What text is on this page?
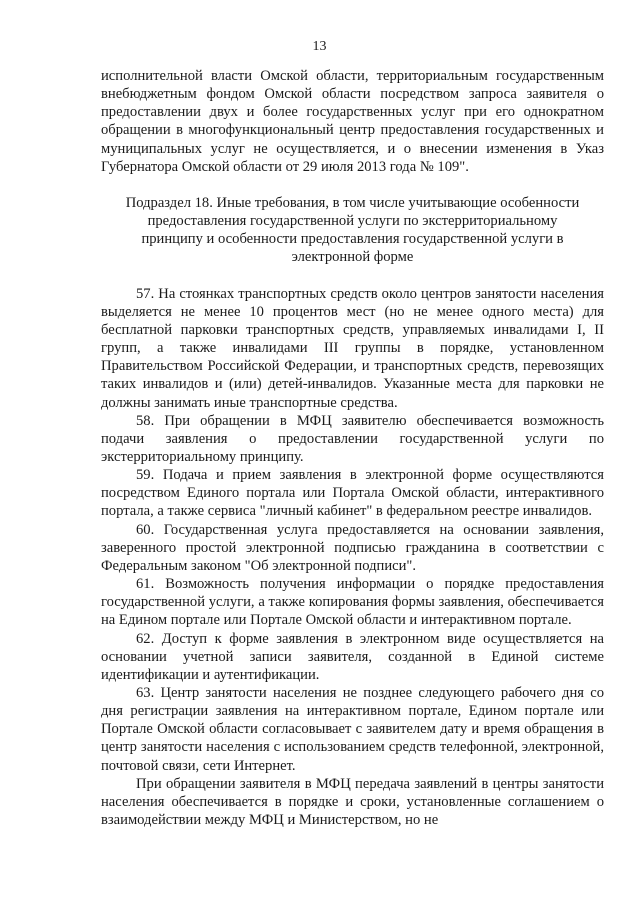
13

исполнительной власти Омской области, территориальным государственным внебюджетным фондом Омской области посредством запроса заявителя о предоставлении двух и более государственных услуг при его однократном обращении в многофункциональный центр предоставления государственных и муниципальных услуг не осуществляется, и о внесении изменения в Указ Губернатора Омской области от 29 июля 2013 года № 109".

Подраздел 18. Иные требования, в том числе учитывающие особенности предоставления государственной услуги по экстерриториальному принципу и особенности предоставления государственной услуги в электронной форме

57. На стоянках транспортных средств около центров занятости населения выделяется не менее 10 процентов мест (но не менее одного места) для бесплатной парковки транспортных средств, управляемых инвалидами I, II групп, а также инвалидами III группы в порядке, установленном Правительством Российской Федерации, и транспортных средств, перевозящих таких инвалидов и (или) детей-инвалидов. Указанные места для парковки не должны занимать иные транспортные средства.

58. При обращении в МФЦ заявителю обеспечивается возможность подачи заявления о предоставлении государственной услуги по экстерриториальному принципу.

59. Подача и прием заявления в электронной форме осуществляются посредством Единого портала или Портала Омской области, интерактивного портала, а также сервиса "личный кабинет" в федеральном реестре инвалидов.

60. Государственная услуга предоставляется на основании заявления, заверенного простой электронной подписью гражданина в соответствии с Федеральным законом "Об электронной подписи".

61. Возможность получения информации о порядке предоставления государственной услуги, а также копирования формы заявления, обеспечивается на Едином портале или Портале Омской области и интерактивном портале.

62. Доступ к форме заявления в электронном виде осуществляется на основании учетной записи заявителя, созданной в Единой системе идентификации и аутентификации.

63. Центр занятости населения не позднее следующего рабочего дня со дня регистрации заявления на интерактивном портале, Едином портале или Портале Омской области согласовывает с заявителем дату и время обращения в центр занятости населения с использованием средств телефонной, электронной, почтовой связи, сети Интернет.

При обращении заявителя в МФЦ передача заявлений в центры занятости населения обеспечивается в порядке и сроки, установленные соглашением о взаимодействии между МФЦ и Министерством, но не
